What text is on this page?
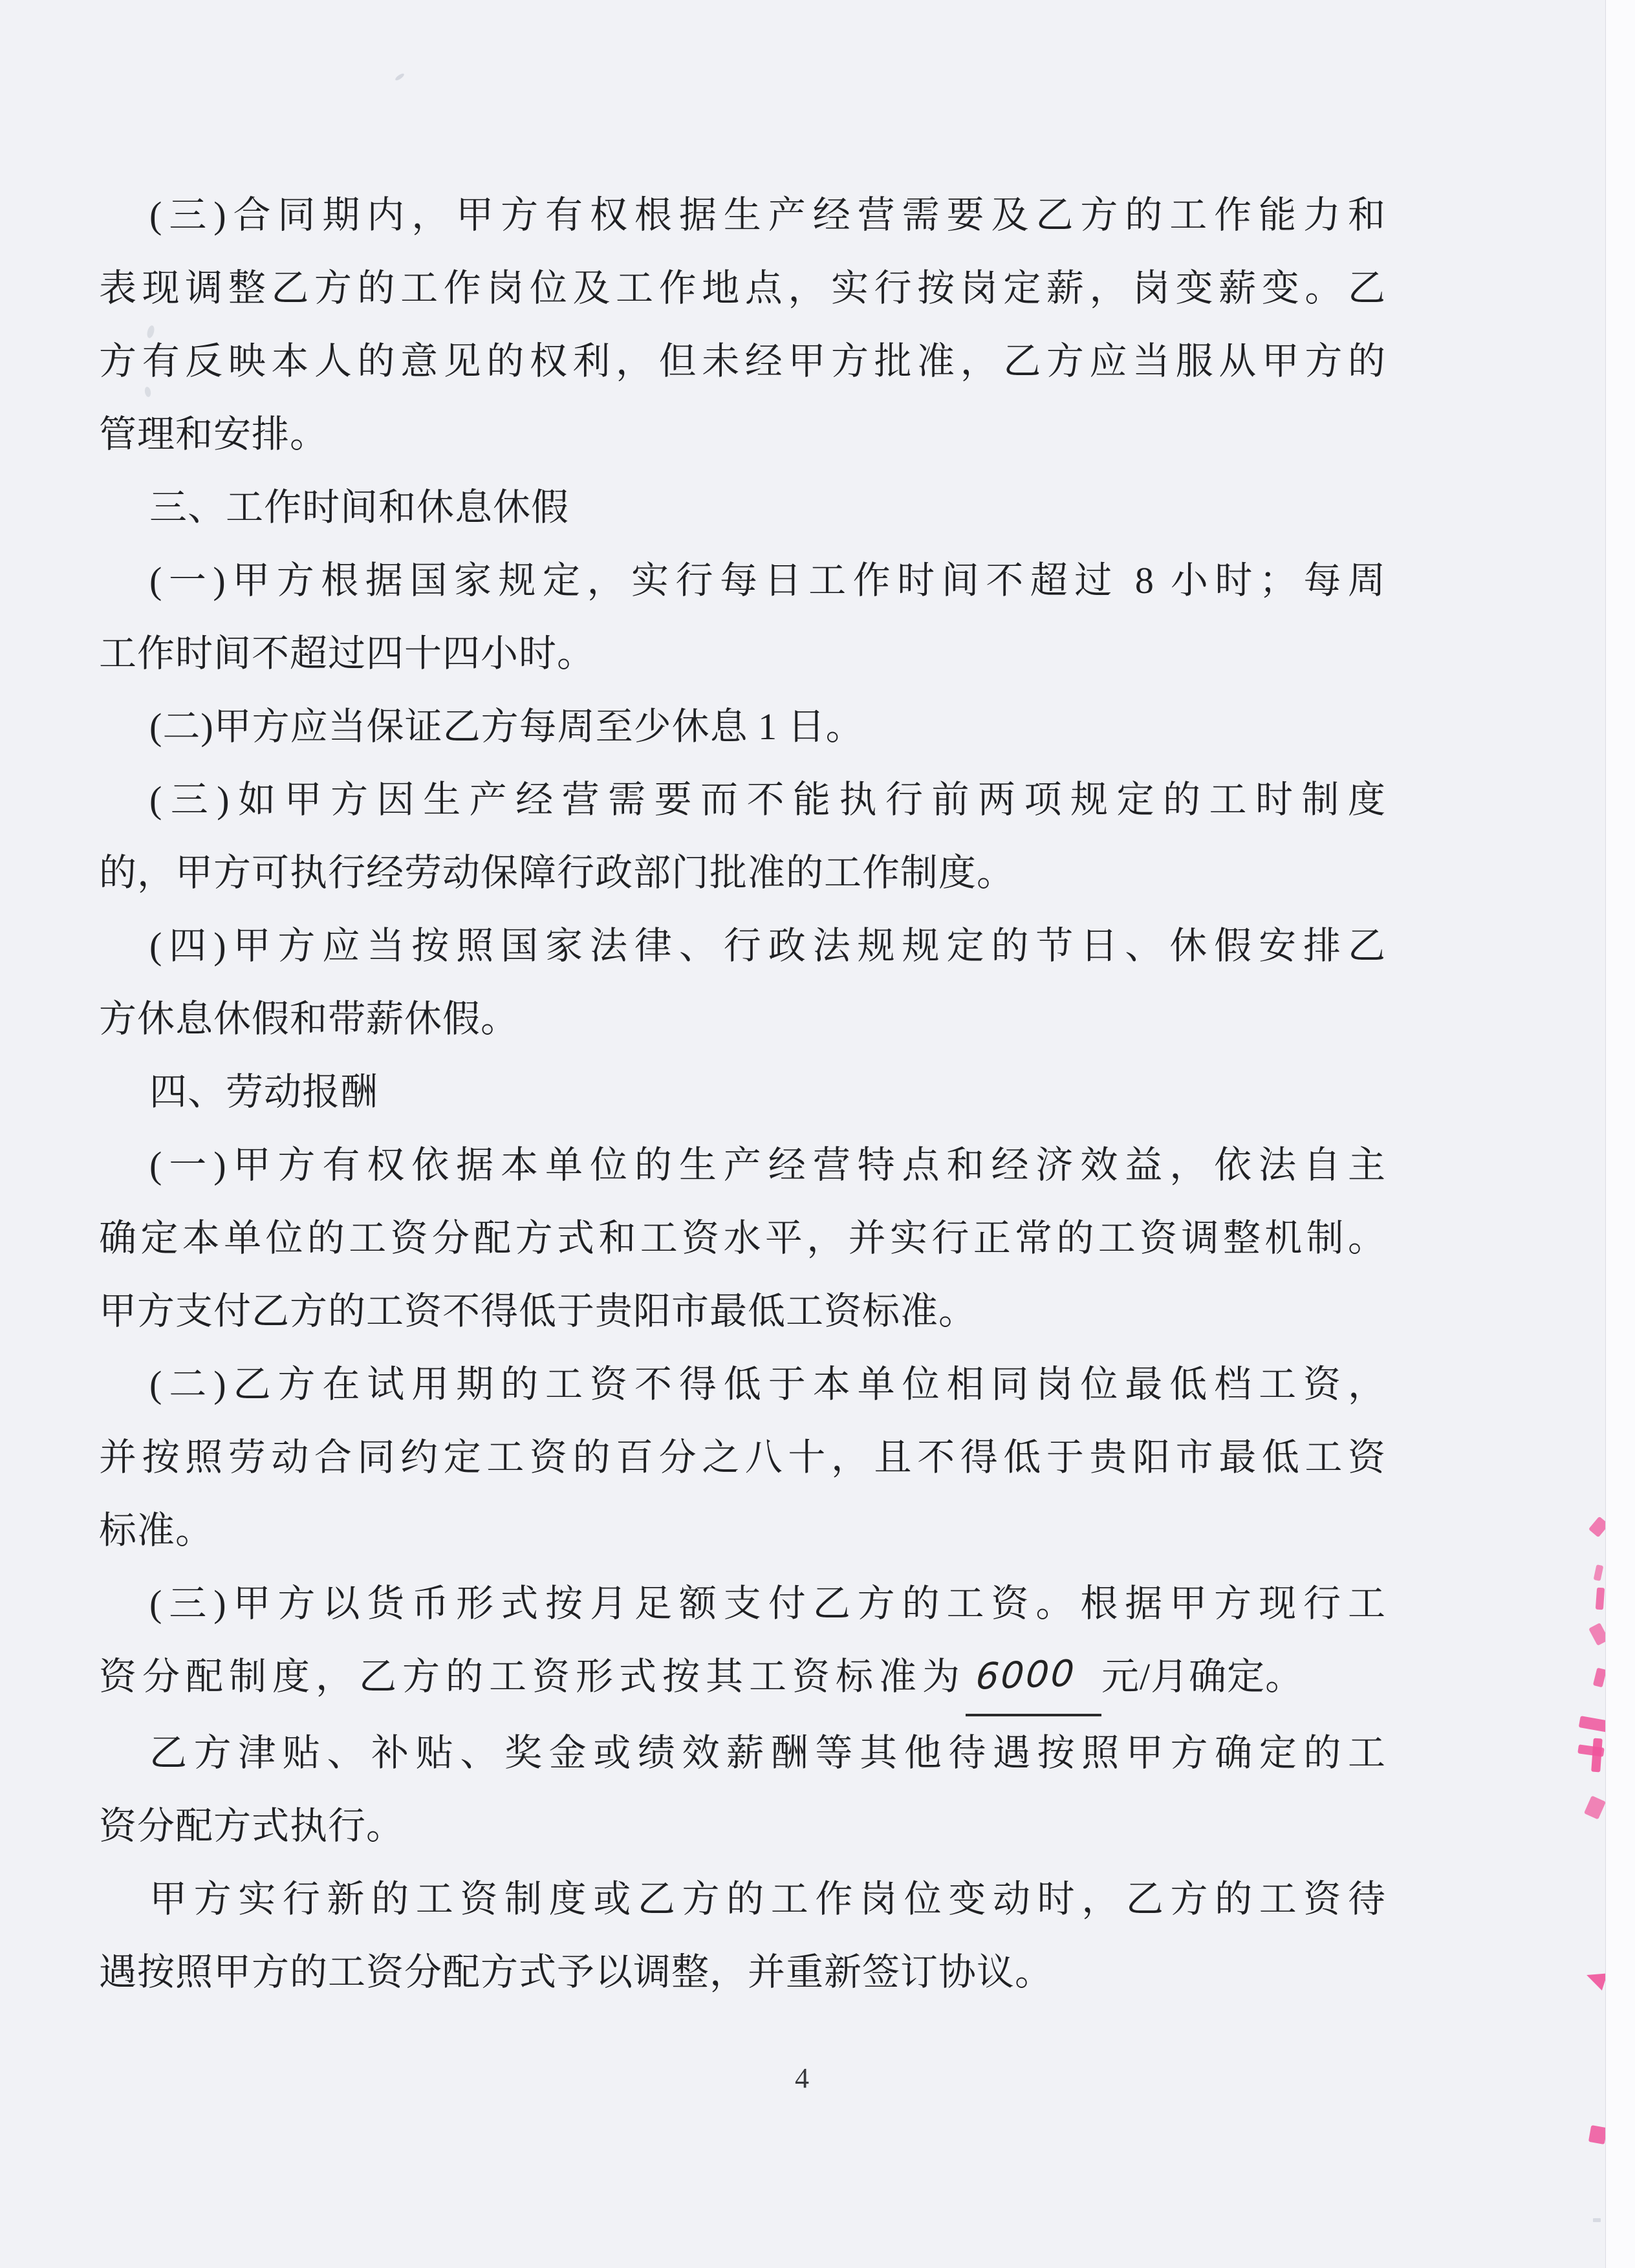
(三)合同期内，甲方有权根据生产经营需要及乙方的工作能力和
表现调整乙方的工作岗位及工作地点，实行按岗定薪，岗变薪变。乙
方有反映本人的意见的权利，但未经甲方批准，乙方应当服从甲方的
管理和安排。
三、工作时间和休息休假
(一)甲方根据国家规定，实行每日工作时间不超过 8 小时；每周
工作时间不超过四十四小时。
(二)甲方应当保证乙方每周至少休息 1 日。
(三)如甲方因生产经营需要而不能执行前两项规定的工时制度
的，甲方可执行经劳动保障行政部门批准的工作制度。
(四)甲方应当按照国家法律、行政法规规定的节日、休假安排乙
方休息休假和带薪休假。
四、劳动报酬
(一)甲方有权依据本单位的生产经营特点和经济效益，依法自主
确定本单位的工资分配方式和工资水平，并实行正常的工资调整机制。
甲方支付乙方的工资不得低于贵阳市最低工资标准。
(二)乙方在试用期的工资不得低于本单位相同岗位最低档工资，
并按照劳动合同约定工资的百分之八十，且不得低于贵阳市最低工资
标准。
(三)甲方以货币形式按月足额支付乙方的工资。根据甲方现行工
资分配制度，乙方的工资形式按其工资标准为 6000 元/月确定。
乙方津贴、补贴、奖金或绩效薪酬等其他待遇按照甲方确定的工
资分配方式执行。
甲方实行新的工资制度或乙方的工作岗位变动时，乙方的工资待
遇按照甲方的工资分配方式予以调整，并重新签订协议。
4
